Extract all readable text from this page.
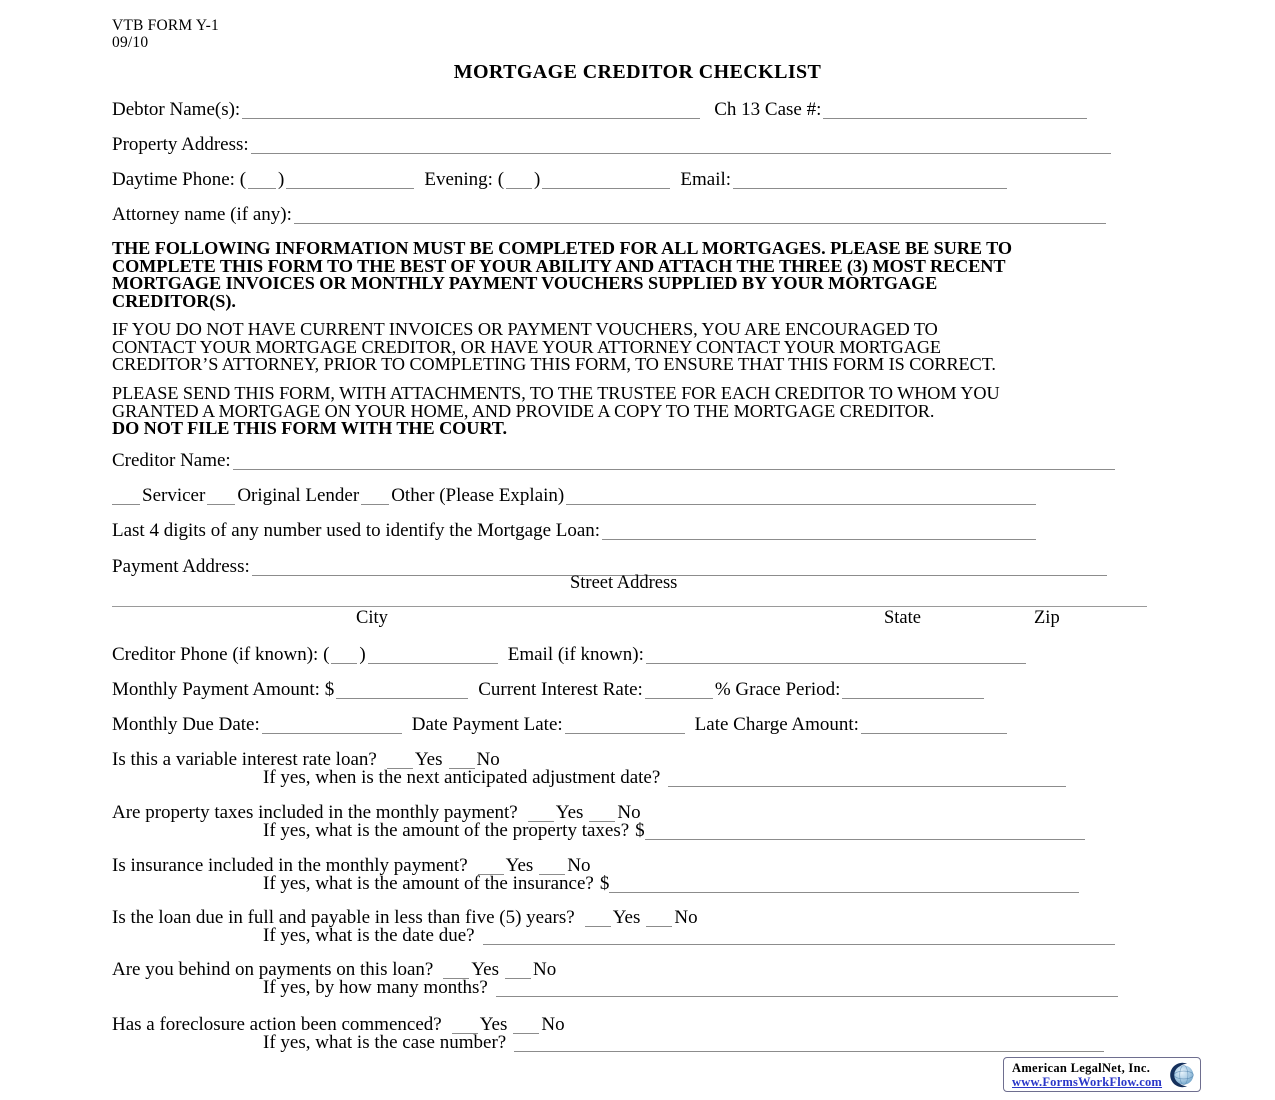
VTB FORM Y-1
09/10
MORTGAGE CREDITOR CHECKLIST
Debtor Name(s):	Ch 13 Case #:
Property Address:
Daytime Phone: ( )	Evening: ( )	Email:
Attorney name (if any):
THE FOLLOWING INFORMATION MUST BE COMPLETED FOR ALL MORTGAGES. PLEASE BE SURE TO
COMPLETE THIS FORM TO THE BEST OF YOUR ABILITY AND ATTACH THE THREE (3) MOST RECENT
MORTGAGE INVOICES OR MONTHLY PAYMENT VOUCHERS SUPPLIED BY YOUR MORTGAGE
CREDITOR(S).
IF YOU DO NOT HAVE CURRENT INVOICES OR PAYMENT VOUCHERS, YOU ARE ENCOURAGED TO
CONTACT YOUR MORTGAGE CREDITOR, OR HAVE YOUR ATTORNEY CONTACT YOUR MORTGAGE
CREDITOR’S ATTORNEY, PRIOR TO COMPLETING THIS FORM, TO ENSURE THAT THIS FORM IS CORRECT.
PLEASE SEND THIS FORM, WITH ATTACHMENTS, TO THE TRUSTEE FOR EACH CREDITOR TO WHOM YOU
GRANTED A MORTGAGE ON YOUR HOME, AND PROVIDE A COPY TO THE MORTGAGE CREDITOR.
DO NOT FILE THIS FORM WITH THE COURT.
Creditor Name:
Servicer Original Lender Other (Please Explain)
Last 4 digits of any number used to identify the Mortgage Loan:
Payment Address:
Street Address
City	State	Zip
Creditor Phone (if known): ( )	Email (if known):
Monthly Payment Amount: $	Current Interest Rate:	% Grace Period:
Monthly Due Date:	Date Payment Late:	Late Charge Amount:
Is this a variable interest rate loan? Yes No
If yes, when is the next anticipated adjustment date?
Are property taxes included in the monthly payment? Yes No
If yes, what is the amount of the property taxes? $
Is insurance included in the monthly payment? Yes No
If yes, what is the amount of the insurance? $
Is the loan due in full and payable in less than five (5) years? Yes No
If yes, what is the date due?
Are you behind on payments on this loan? Yes No
If yes, by how many months?
Has a foreclosure action been commenced? Yes No
If yes, what is the case number?
American LegalNet, Inc.
www.FormsWorkFlow.com
